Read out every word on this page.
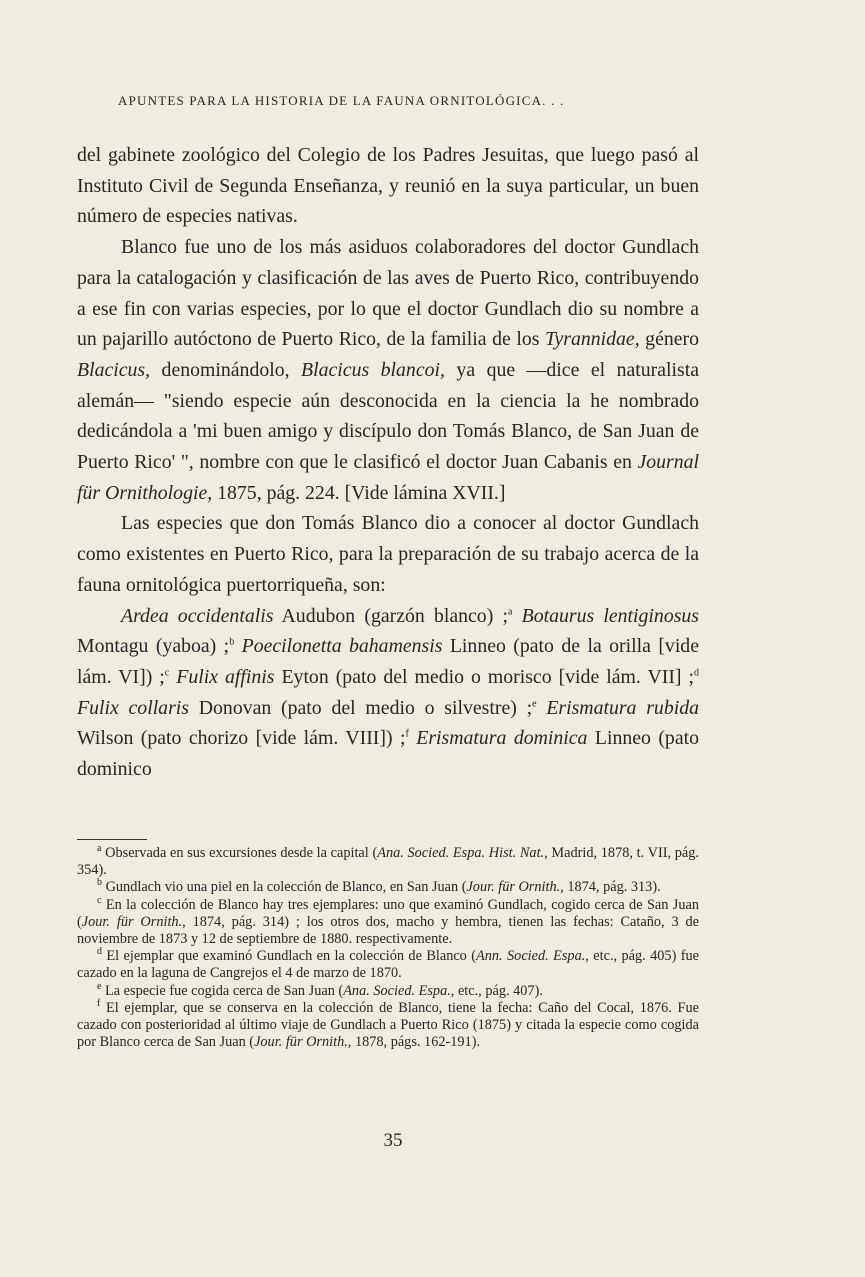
APUNTES PARA LA HISTORIA DE LA FAUNA ORNITOLÓGICA. . .

del gabinete zoológico del Colegio de los Padres Jesuitas, que luego pasó al Instituto Civil de Segunda Enseñanza, y reunió en la suya particular, un buen número de especies nativas.

Blanco fue uno de los más asiduos colaboradores del doctor Gundlach para la catalogación y clasificación de las aves de Puerto Rico, contribuyendo a ese fin con varias especies, por lo que el doctor Gundlach dio su nombre a un pajarillo autóctono de Puerto Rico, de la familia de los Tyrannidae, género Blacicus, denominándolo, Blacicus blancoi, ya que —dice el naturalista alemán— "siendo especie aún desconocida en la ciencia la he nombrado dedicándola a 'mi buen amigo y discípulo don Tomás Blanco, de San Juan de Puerto Rico' ", nombre con que le clasificó el doctor Juan Cabanis en Journal für Ornithologie, 1875, pág. 224. [Vide lámina XVII.]

Las especies que don Tomás Blanco dio a conocer al doctor Gundlach como existentes en Puerto Rico, para la preparación de su trabajo acerca de la fauna ornitológica puertorriqueña, son:

Ardea occidentalis Audubon (garzón blanco) ;$^a$ Botaurus lentiginosus Montagu (yaboa) ;$^b$ Poecilonetta bahamensis Linneo (pato de la orilla [vide lám. VI]) ;$^c$ Fulix affinis Eyton (pato del medio o morisco [vide lám. VII] ;$^d$ Fulix collaris Donovan (pato del medio o silvestre) ;$^e$ Erismatura rubida Wilson (pato chorizo [vide lám. VIII]) ;$^f$ Erismatura dominica Linneo (pato dominico

$^a$ Observada en sus excursiones desde la capital (Ana. Socied. Espa. Hist. Nat., Madrid, 1878, t. VII, pág. 354).

$^b$ Gundlach vio una piel en la colección de Blanco, en San Juan (Jour. für Ornith., 1874, pág. 313).

$^c$ En la colección de Blanco hay tres ejemplares: uno que examinó Gundlach, cogido cerca de San Juan (Jour. für Ornith., 1874, pág. 314) ; los otros dos, macho y hembra, tienen las fechas: Cataño, 3 de noviembre de 1873 y 12 de septiembre de 1880. respectivamente.

$^d$ El ejemplar que examinó Gundlach en la colección de Blanco (Ann. Socied. Espa., etc., pág. 405) fue cazado en la laguna de Cangrejos el 4 de marzo de 1870.

$^e$ La especie fue cogida cerca de San Juan (Ana. Socied. Espa., etc., pág. 407).

$^f$ El ejemplar, que se conserva en la colección de Blanco, tiene la fecha: Caño del Cocal, 1876. Fue cazado con posterioridad al último viaje de Gundlach a Puerto Rico (1875) y citada la especie como cogida por Blanco cerca de San Juan (Jour. für Ornith., 1878, págs. 162-191).

35
